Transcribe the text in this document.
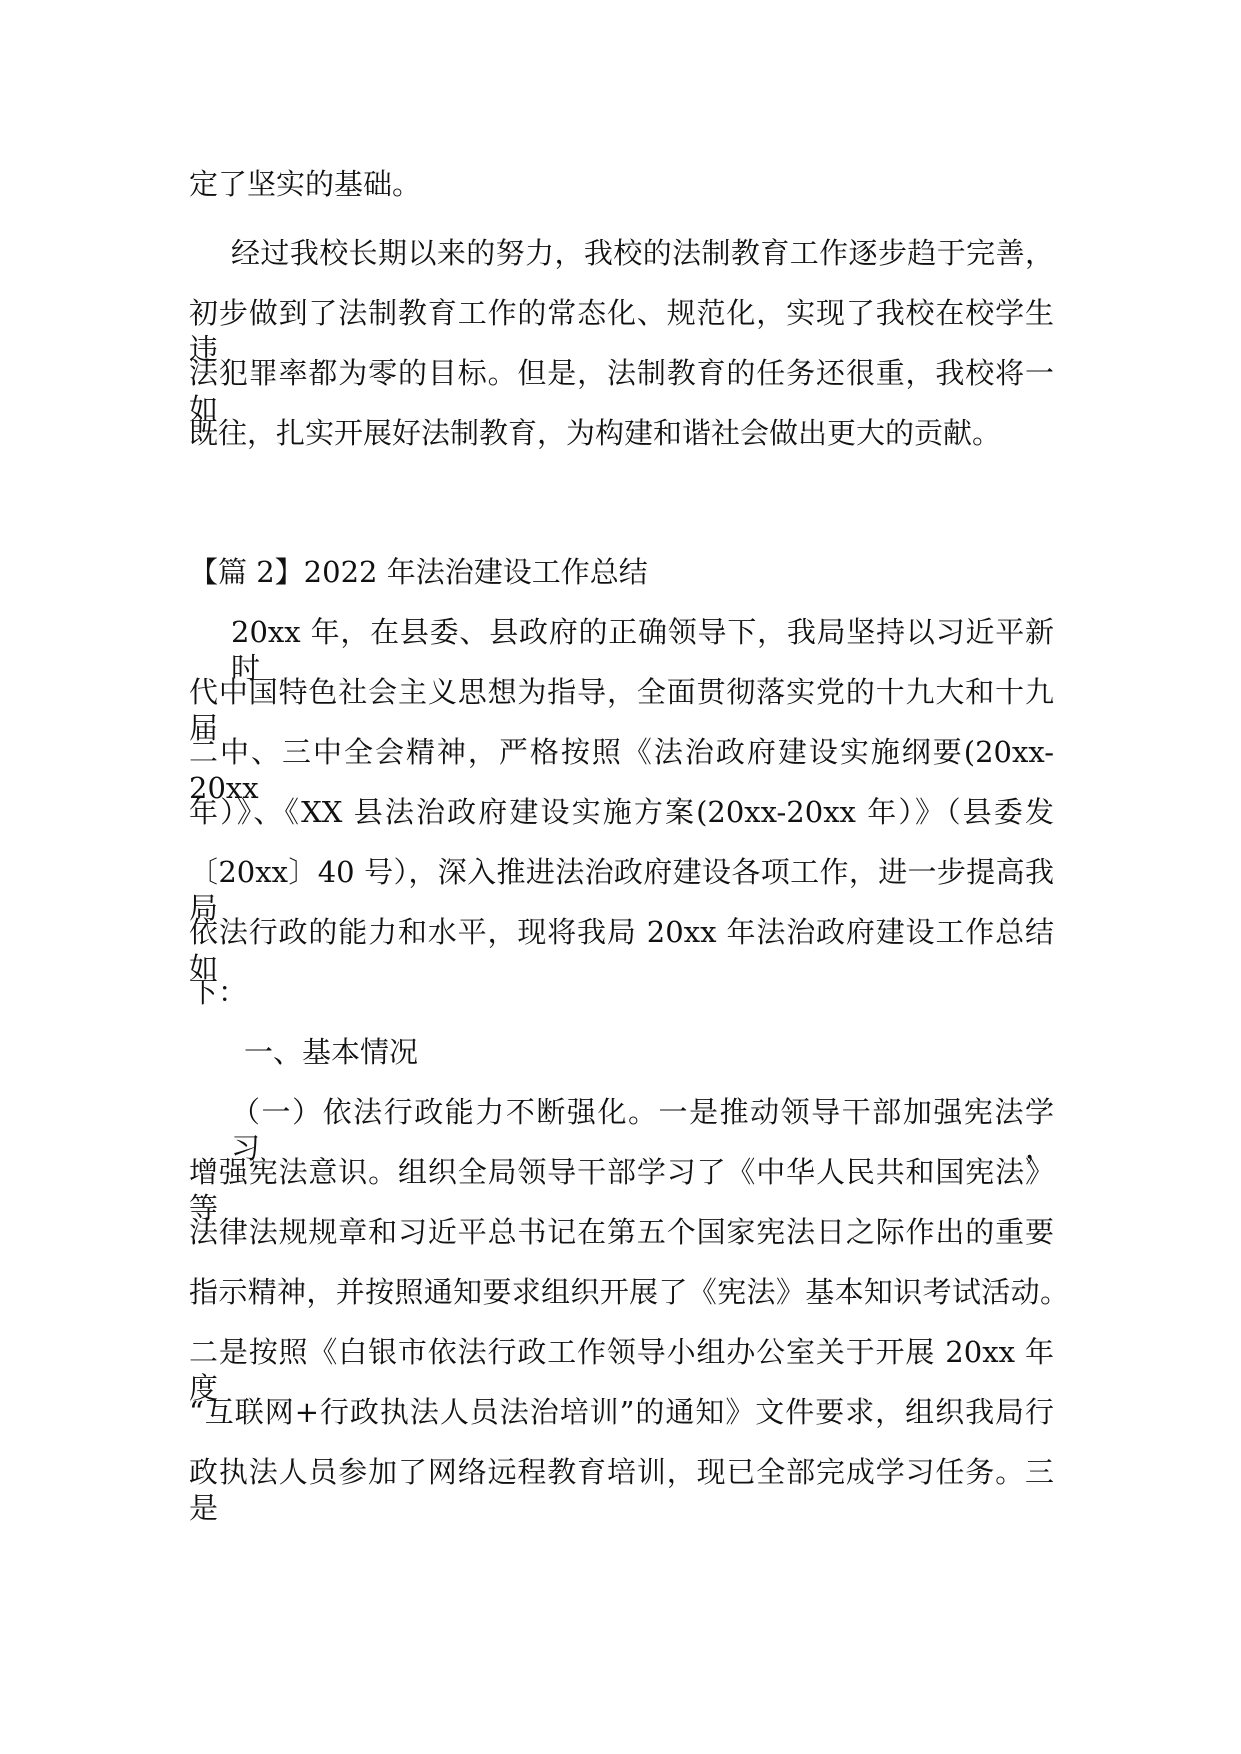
定了坚实的基础。
经过我校长期以来的努力，我校的法制教育工作逐步趋于完善，
初步做到了法制教育工作的常态化、规范化，实现了我校在校学生违
法犯罪率都为零的目标。但是，法制教育的任务还很重，我校将一如
既往，扎实开展好法制教育，为构建和谐社会做出更大的贡献。
【篇 2】2022 年法治建设工作总结
20xx 年，在县委、县政府的正确领导下，我局坚持以习近平新时
代中国特色社会主义思想为指导，全面贯彻落实党的十九大和十九届
二中、三中全会精神，严格按照《法治政府建设实施纲要(20xx-20xx
年）》、《XX 县法治政府建设实施方案(20xx-20xx 年）》（县委发
〔20xx〕40 号），深入推进法治政府建设各项工作，进一步提高我局
依法行政的能力和水平，现将我局 20xx 年法治政府建设工作总结如
下：
一、基本情况
（一）依法行政能力不断强化。一是推动领导干部加强宪法学习，
增强宪法意识。组织全局领导干部学习了《中华人民共和国宪法》等
法律法规规章和习近平总书记在第五个国家宪法日之际作出的重要
指示精神，并按照通知要求组织开展了《宪法》基本知识考试活动。
二是按照《白银市依法行政工作领导小组办公室关于开展 20xx 年度
“互联网+行政执法人员法治培训”的通知》文件要求，组织我局行
政执法人员参加了网络远程教育培训，现已全部完成学习任务。三是
